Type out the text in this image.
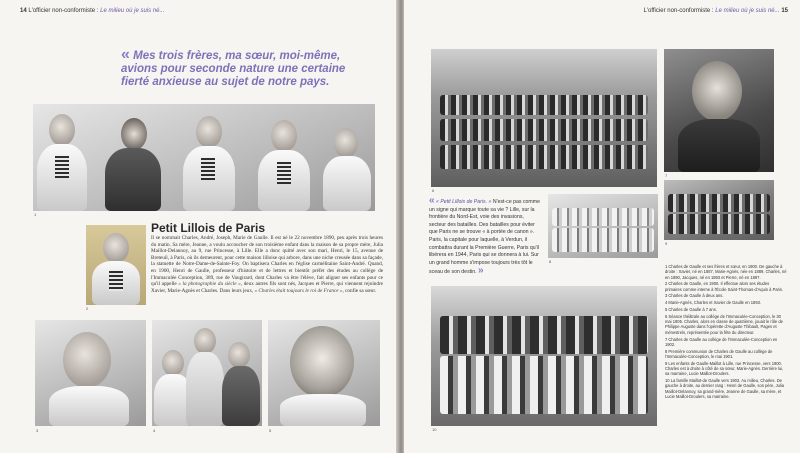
14 L'officier non-conformiste : Le milieu où je suis né...
« Mes trois frères, ma sœur, moi-même, avions pour seconde nature une certaine fierté anxieuse au sujet de notre pays.
1
2
Petit Lillois de Paris
Il se nommait Charles, André, Joseph, Marie de Gaulle. Il est né le 22 novembre 1890, peu après trois heures du matin. Sa mère, Jeanne, a voulu accoucher de son troisième enfant dans la maison de sa propre mère, Julia Maillot-Delannoy, au 9, rue Princesse, à Lille. Elle a donc quitté avec son mari, Henri, le 15, avenue de Breteuil, à Paris, où ils demeurent, pour cette maison lilloise qui arbore, dans une niche creusée dans sa façade, la statuette de Notre-Dame-de-Sainte-Foy. On baptisera Charles en l'église carmélitaine Saint-André. Quand, en 1900, Henri de Gaulle, professeur d'histoire et de lettres et bientôt préfet des études au collège de l'Immaculée Conception, 389, rue de Vaugirard, dont Charles va être l'élève, fait aligner ses enfants pour ce qu'il appelle « la photographie du siècle », deux autres fils sont nés, Jacques et Pierre, qui viennent rejoindre Xavier, Marie-Agnès et Charles. Dans leurs jeux, « Charles était toujours le roi de France », confie sa sœur.
3	4	5
L'officier non-conformiste : Le milieu où je suis né... 15
6
7
« « Petit Lillois de Paris. » N'est-ce pas comme un signe qui marque toute sa vie ? Lille, sur la frontière du Nord-Est, voie des invasions, secteur des batailles. Des batailles pour éviter que Paris ne se trouve « à portée de canon ». Paris, la capitale pour laquelle, à Verdun, il combattra durant la Première Guerre, Paris qu'il libérera en 1944, Paris qui se donnera à lui. Sur un grand homme s'impose toujours très tôt le sceau de son destin. »
8
9
10

1 Charles de Gaulle et ses frères et sœur, en 1900. De gauche à droite : Xavier, né en 1887, Marie-Agnès, née en 1889, Charles, né en 1890, Jacques, né en 1893 et Pierre, né en 1897.

2 Charles de Gaulle, en 1900. Il effectue alors ses études primaires comme interne à l'École Saint-Thomas-d'Aquin à Paris.

3 Charles de Gaulle à deux ans.

4 Marie-Agnès, Charles et Xavier de Gaulle en 1893.

5 Charles de Gaulle à 7 ans.

6 Séance théâtrale au collège de l'Immaculée-Conception, le 30 mai 1905. Charles, alors en classe de quatrième, jouait le rôle de Philippe Auguste dans l'opérette d'Auguste Thibault, Pages et ménestrels, représentée pour la fête du directeur.

7 Charles de Gaulle au collège de l'Immaculée-Conception en 1902.

8 Première communion de Charles de Gaulle au collège de l'Immaculée-Conception, le mai 1901.

9 Les enfants de Gaulle-Maillot à Lille, rue Princesse, vers 1900. Charles est à droite à côté de sa sœur, Marie-Agnès. Derrière lui, sa marraine, Lucie Maillot-Droulers.

10 La famille Maillot-de Gaulle vers 1903. Au milieu, Charles. De gauche à droite, au dernier rang : Henri de Gaulle, son père, Julia Maillot-Delannoy, sa grand-mère, Jeanne de Gaulle, sa mère, et Lucie Maillot-Droulers, sa marraine.
